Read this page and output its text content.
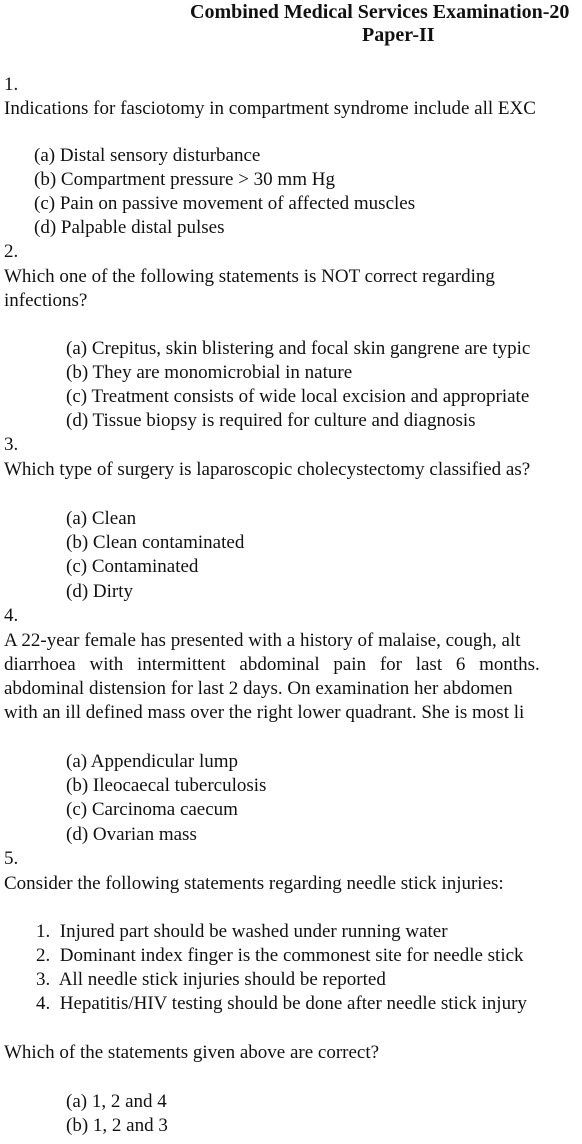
Combined Medical Services Examination-20
Paper-II
1.
Indications for fasciotomy in compartment syndrome include all EXC
(a) Distal sensory disturbance
(b) Compartment pressure > 30 mm Hg
(c) Pain on passive movement of affected muscles
(d) Palpable distal pulses
2.
Which one of the following statements is NOT correct regarding
infections?
(a) Crepitus, skin blistering and focal skin gangrene are typic
(b) They are monomicrobial in nature
(c) Treatment consists of wide local excision and appropriate
(d) Tissue biopsy is required for culture and diagnosis
3.
Which type of surgery is laparoscopic cholecystectomy classified as?
(a) Clean
(b) Clean contaminated
(c) Contaminated
(d) Dirty
4.
A 22-year female has presented with a history of malaise, cough, alt
diarrhoea with intermittent abdominal pain for last 6 months.
abdominal distension for last 2 days. On examination her abdomen
with an ill defined mass over the right lower quadrant. She is most li
(a) Appendicular lump
(b) Ileocaecal tuberculosis
(c) Carcinoma caecum
(d) Ovarian mass
5.
Consider the following statements regarding needle stick injuries:
1.  Injured part should be washed under running water
2.  Dominant index finger is the commonest site for needle stick
3.  All needle stick injuries should be reported
4.  Hepatitis/HIV testing should be done after needle stick injury
Which of the statements given above are correct?
(a) 1, 2 and 4
(b) 1, 2 and 3
